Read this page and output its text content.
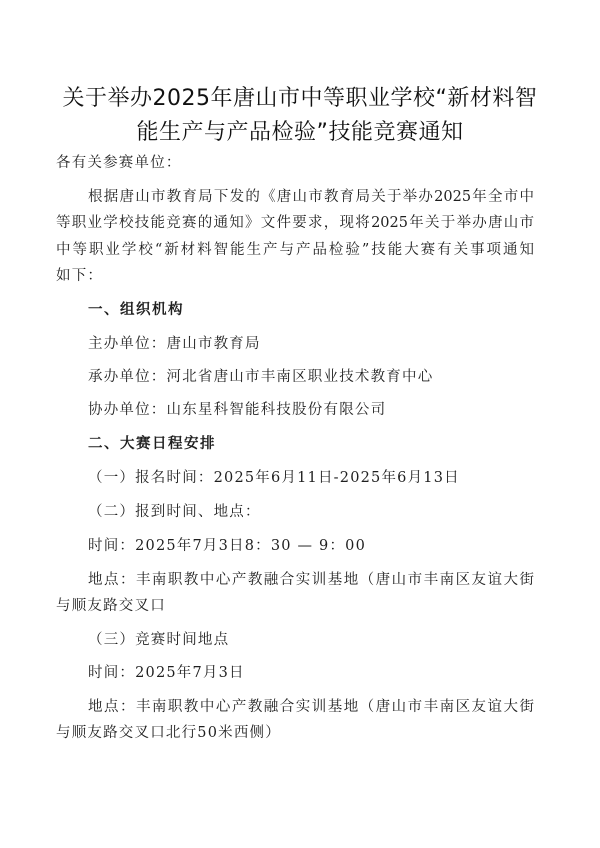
关于举办2025年唐山市中等职业学校“新材料智
能生产与产品检验”技能竞赛通知
各有关参赛单位：
根据唐山市教育局下发的《唐山市教育局关于举办2025年全市中
等职业学校技能竞赛的通知》文件要求，现将2025年关于举办唐山市
中等职业学校“新材料智能生产与产品检验”技能大赛有关事项通知
如下：
一、组织机构
主办单位：唐山市教育局
承办单位：河北省唐山市丰南区职业技术教育中心
协办单位：山东星科智能科技股份有限公司
二、大赛日程安排
（一）报名时间：2025年6月11日-2025年6月13日
（二）报到时间、地点：
时间：2025年7月3日8：30 — 9：00
地点：丰南职教中心产教融合实训基地（唐山市丰南区友谊大街
与顺友路交叉口
（三）竞赛时间地点
时间：2025年7月3日
地点：丰南职教中心产教融合实训基地（唐山市丰南区友谊大街
与顺友路交叉口北行50米西侧）
